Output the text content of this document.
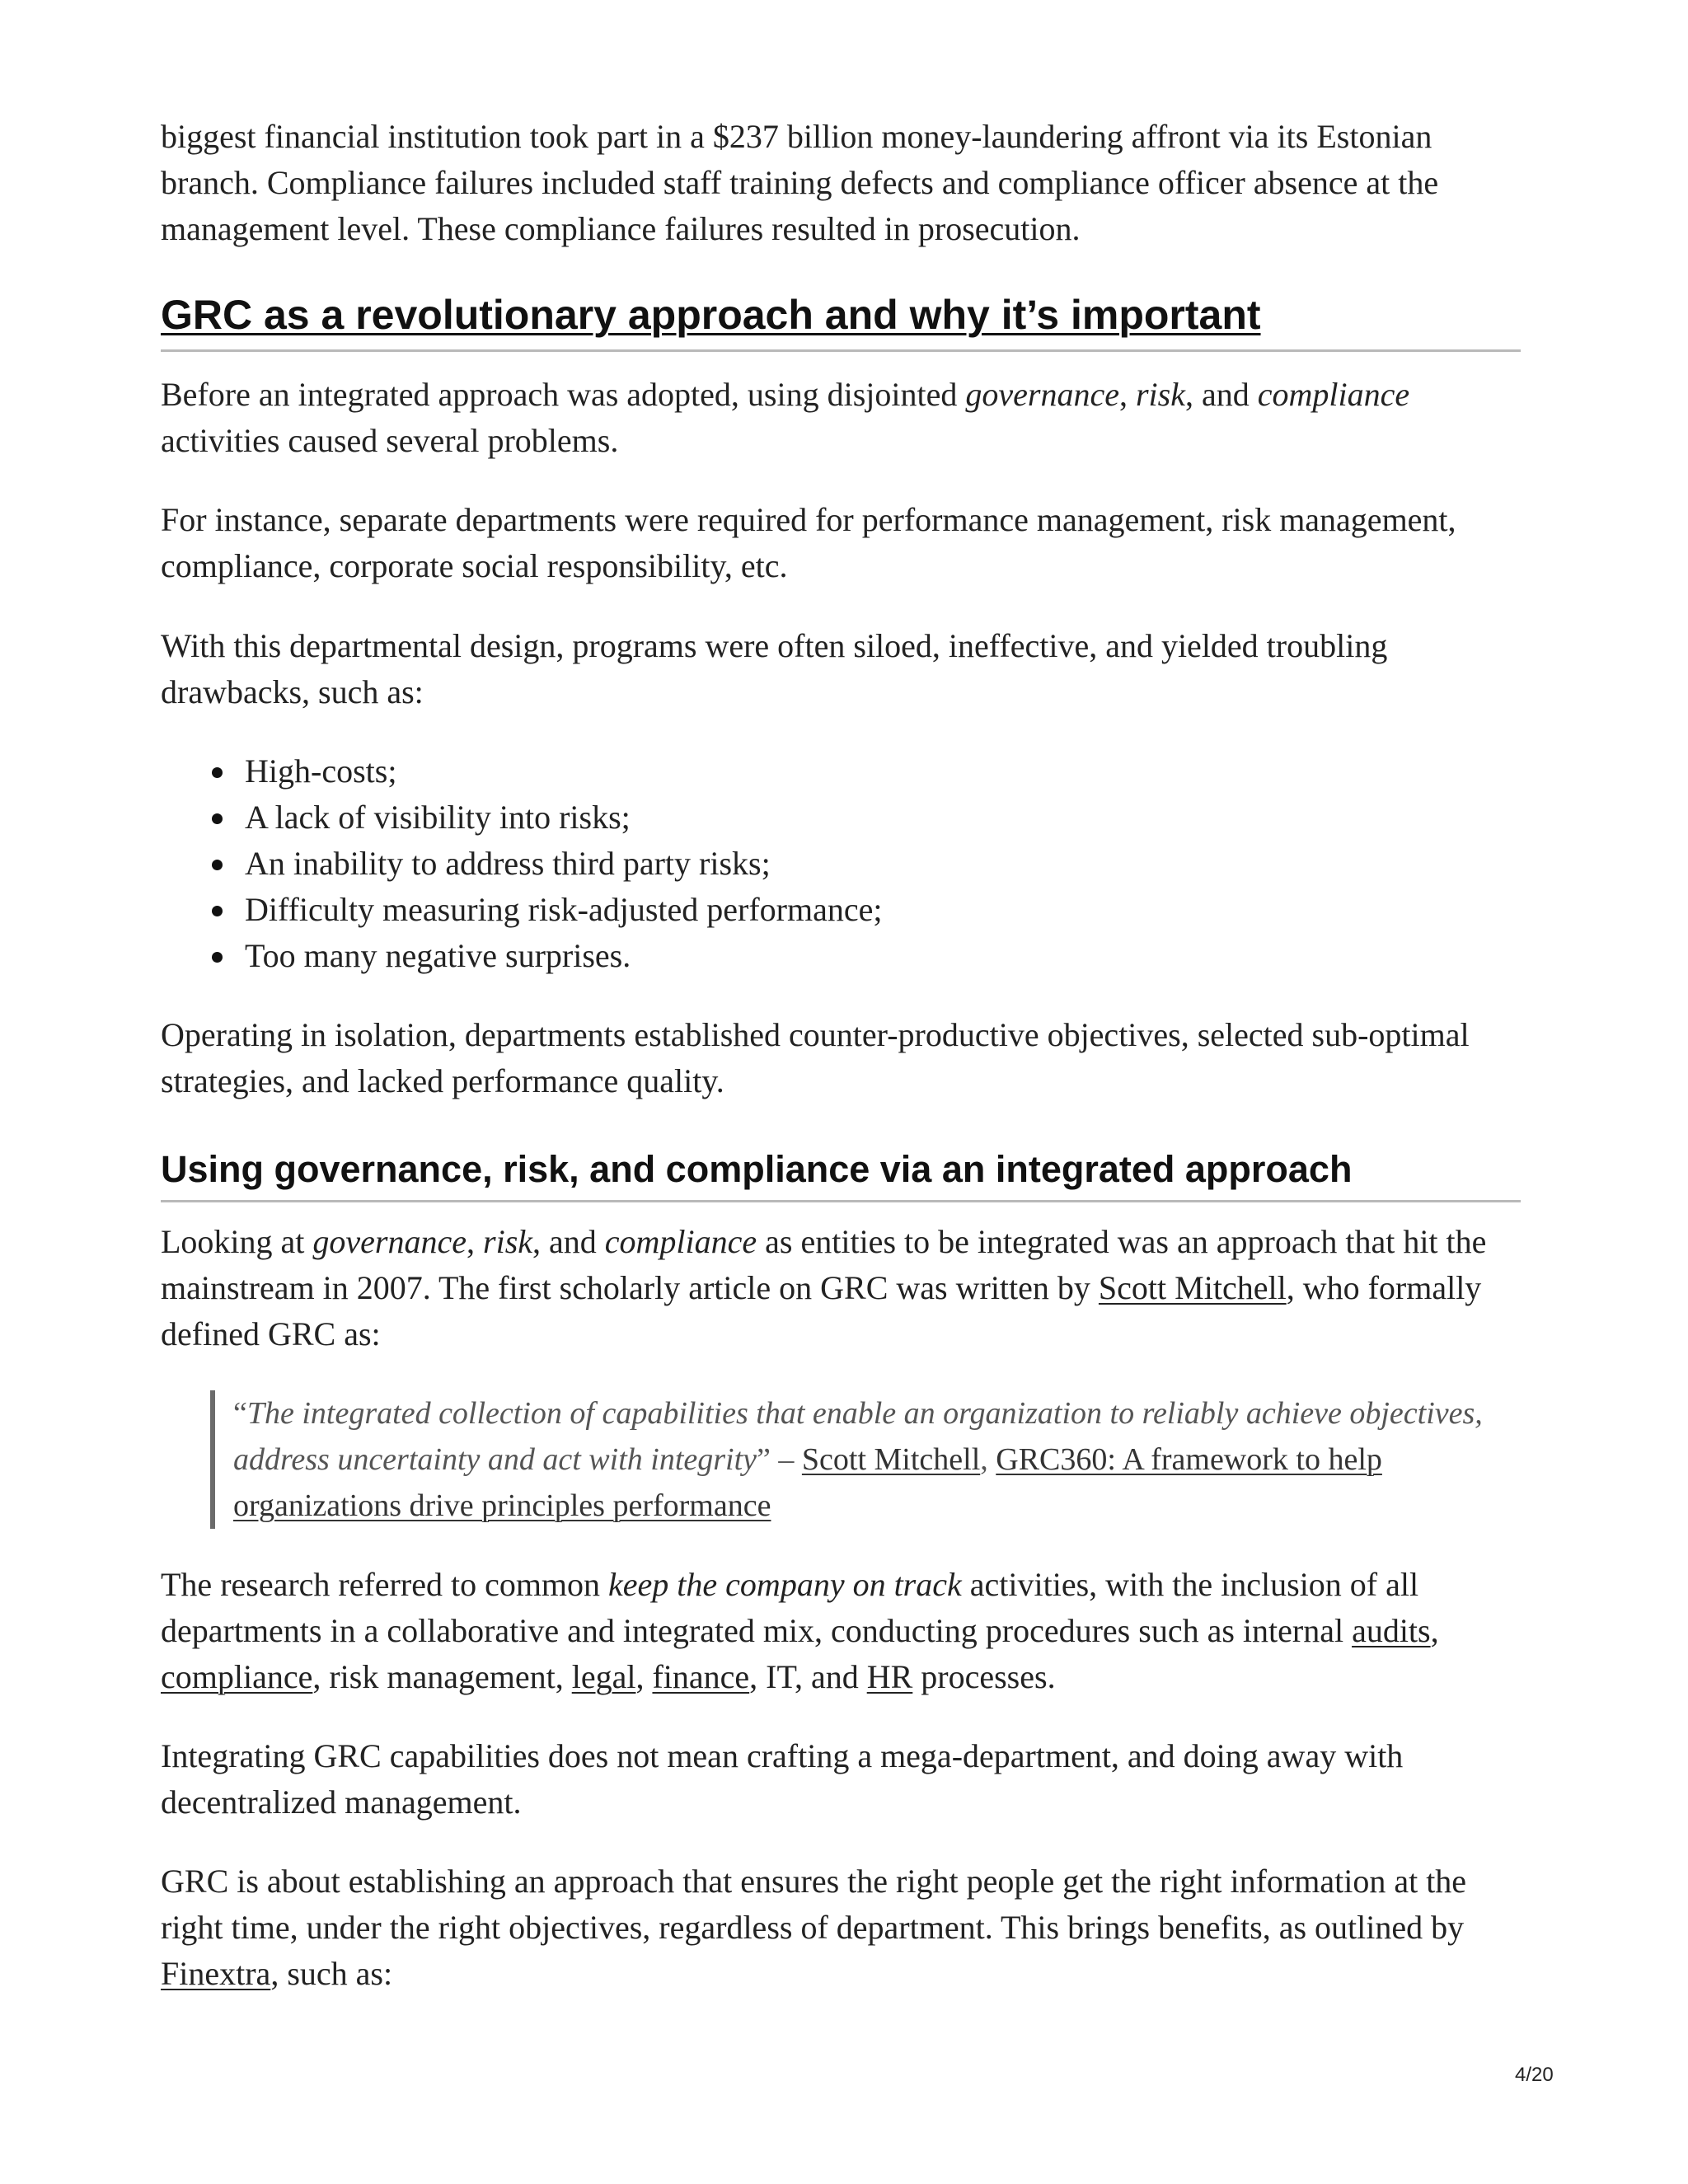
biggest financial institution took part in a $237 billion money-laundering affront via its Estonian branch. Compliance failures included staff training defects and compliance officer absence at the management level. These compliance failures resulted in prosecution.

GRC as a revolutionary approach and why it’s important

Before an integrated approach was adopted, using disjointed governance, risk, and compliance activities caused several problems.

For instance, separate departments were required for performance management, risk management, compliance, corporate social responsibility, etc.

With this departmental design, programs were often siloed, ineffective, and yielded troubling drawbacks, such as:

High-costs;
A lack of visibility into risks;
An inability to address third party risks;
Difficulty measuring risk-adjusted performance;
Too many negative surprises.

Operating in isolation, departments established counter-productive objectives, selected sub-optimal strategies, and lacked performance quality.

Using governance, risk, and compliance via an integrated approach

Looking at governance, risk, and compliance as entities to be integrated was an approach that hit the mainstream in 2007. The first scholarly article on GRC was written by Scott Mitchell, who formally defined GRC as:

“The integrated collection of capabilities that enable an organization to reliably achieve objectives, address uncertainty and act with integrity” – Scott Mitchell, GRC360: A framework to help organizations drive principles performance

The research referred to common keep the company on track activities, with the inclusion of all departments in a collaborative and integrated mix, conducting procedures such as internal audits, compliance, risk management, legal, finance, IT, and HR processes.

Integrating GRC capabilities does not mean crafting a mega-department, and doing away with decentralized management.

GRC is about establishing an approach that ensures the right people get the right information at the right time, under the right objectives, regardless of department. This brings benefits, as outlined by Finextra, such as:

4/20
